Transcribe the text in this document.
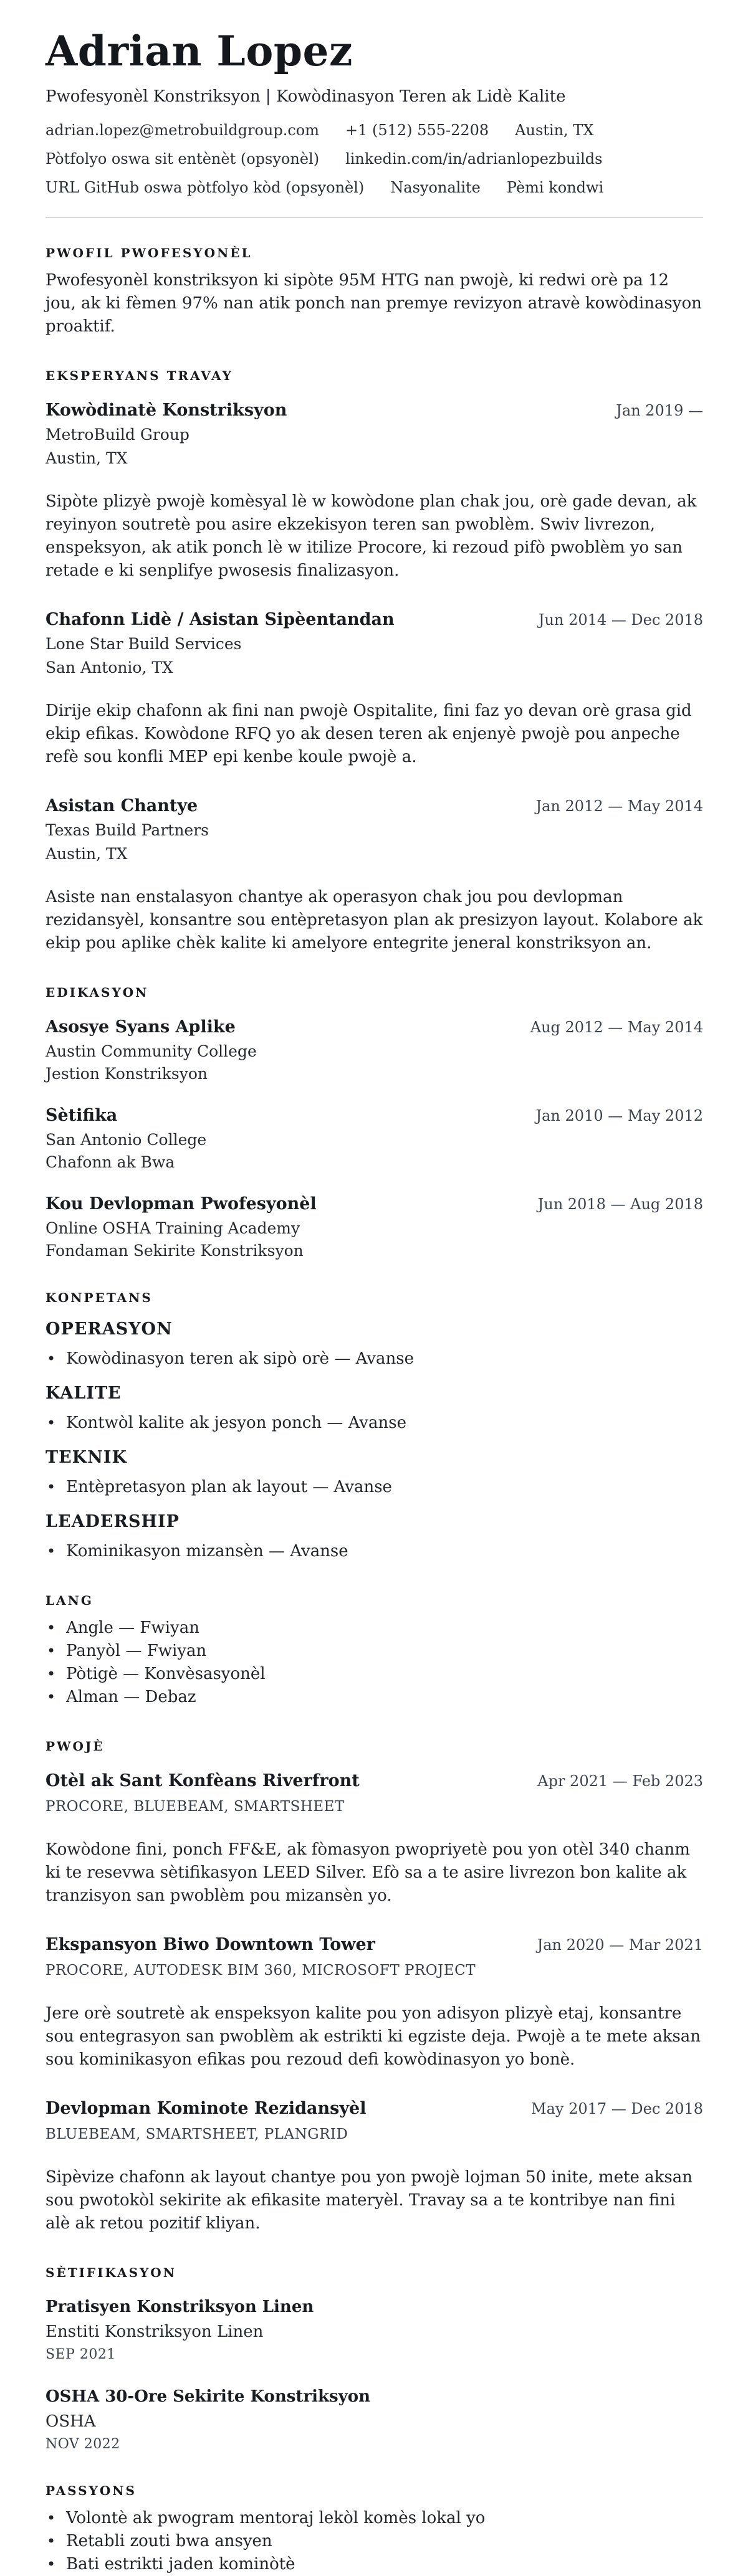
Adrian Lopez
Pwofesyonèl Konstriksyon | Kowòdinasyon Teren ak Lidè Kalite
adrian.lopez@metrobuildgroup.com +1 (512) 555-2208 Austin, TX
Pòtfolyo oswa sit entènèt (opsyonèl) linkedin.com/in/adrianlopezbuilds
URL GitHub oswa pòtfolyo kòd (opsyonèl) Nasyonalite Pèmi kondwi
PWOFIL PWOFESYONÈL
Pwofesyonèl konstriksyon ki sipòte 95M HTG nan pwojè, ki redwi orè pa 12 jou, ak ki fèmen 97% nan atik ponch nan premye revizyon atravè kowòdinasyon proaktif.
EKSPERYANS TRAVAY
Kowòdinatè Konstriksyon	Jan 2019 —
MetroBuild Group
Austin, TX
Sipòte plizyè pwojè komèsyal lè w kowòdone plan chak jou, orè gade devan, ak reyinyon soutretè pou asire ekzekisyon teren san pwoblèm. Swiv livrezon, enspeksyon, ak atik ponch lè w itilize Procore, ki rezoud pifò pwoblèm yo san retade e ki senplifye pwosesis finalizasyon.
Chafonn Lidè / Asistan Sipèentandan	Jun 2014 — Dec 2018
Lone Star Build Services
San Antonio, TX
Dirije ekip chafonn ak fini nan pwojè Ospitalite, fini faz yo devan orè grasa gid ekip efikas. Kowòdone RFQ yo ak desen teren ak enjenyè pwojè pou anpeche refè sou konfli MEP epi kenbe koule pwojè a.
Asistan Chantye	Jan 2012 — May 2014
Texas Build Partners
Austin, TX
Asiste nan enstalasyon chantye ak operasyon chak jou pou devlopman rezidansyèl, konsantre sou entèpretasyon plan ak presizyon layout. Kolabore ak ekip pou aplike chèk kalite ki amelyore entegrite jeneral konstriksyon an.
EDIKASYON
Asosye Syans Aplike	Aug 2012 — May 2014
Austin Community College
Jestion Konstriksyon
Sètifika	Jan 2010 — May 2012
San Antonio College
Chafonn ak Bwa
Kou Devlopman Pwofesyonèl	Jun 2018 — Aug 2018
Online OSHA Training Academy
Fondaman Sekirite Konstriksyon
KONPETANS
OPERASYON
• Kowòdinasyon teren ak sipò orè — Avanse
KALITE
• Kontwòl kalite ak jesyon ponch — Avanse
TEKNIK
• Entèpretasyon plan ak layout — Avanse
LEADERSHIP
• Kominikasyon mizansèn — Avanse
LANG
• Angle — Fwiyan
• Panyòl — Fwiyan
• Pòtigè — Konvèsasyonèl
• Alman — Debaz
PWOJÈ
Otèl ak Sant Konfèans Riverfront	Apr 2021 — Feb 2023
PROCORE, BLUEBEAM, SMARTSHEET
Kowòdone fini, ponch FF&E, ak fòmasyon pwopriyetè pou yon otèl 340 chanm ki te resevwa sètifikasyon LEED Silver. Efò sa a te asire livrezon bon kalite ak tranzisyon san pwoblèm pou mizansèn yo.
Ekspansyon Biwo Downtown Tower	Jan 2020 — Mar 2021
PROCORE, AUTODESK BIM 360, MICROSOFT PROJECT
Jere orè soutretè ak enspeksyon kalite pou yon adisyon plizyè etaj, konsantre sou entegrasyon san pwoblèm ak estrikti ki egziste deja. Pwojè a te mete aksan sou kominikasyon efikas pou rezoud defi kowòdinasyon yo bonè.
Devlopman Kominote Rezidansyèl	May 2017 — Dec 2018
BLUEBEAM, SMARTSHEET, PLANGRID
Sipèvize chafonn ak layout chantye pou yon pwojè lojman 50 inite, mete aksan sou pwotokòl sekirite ak efikasite materyèl. Travay sa a te kontribye nan fini alè ak retou pozitif kliyan.
SÈTIFIKASYON
Pratisyen Konstriksyon Linen
Enstiti Konstriksyon Linen
SEP 2021
OSHA 30-Ore Sekirite Konstriksyon
OSHA
NOV 2022
PASSYONS
• Volontè ak pwogram mentoraj lekòl komès lokal yo
• Retabli zouti bwa ansyen
• Bati estrikti jaden kominòtè
